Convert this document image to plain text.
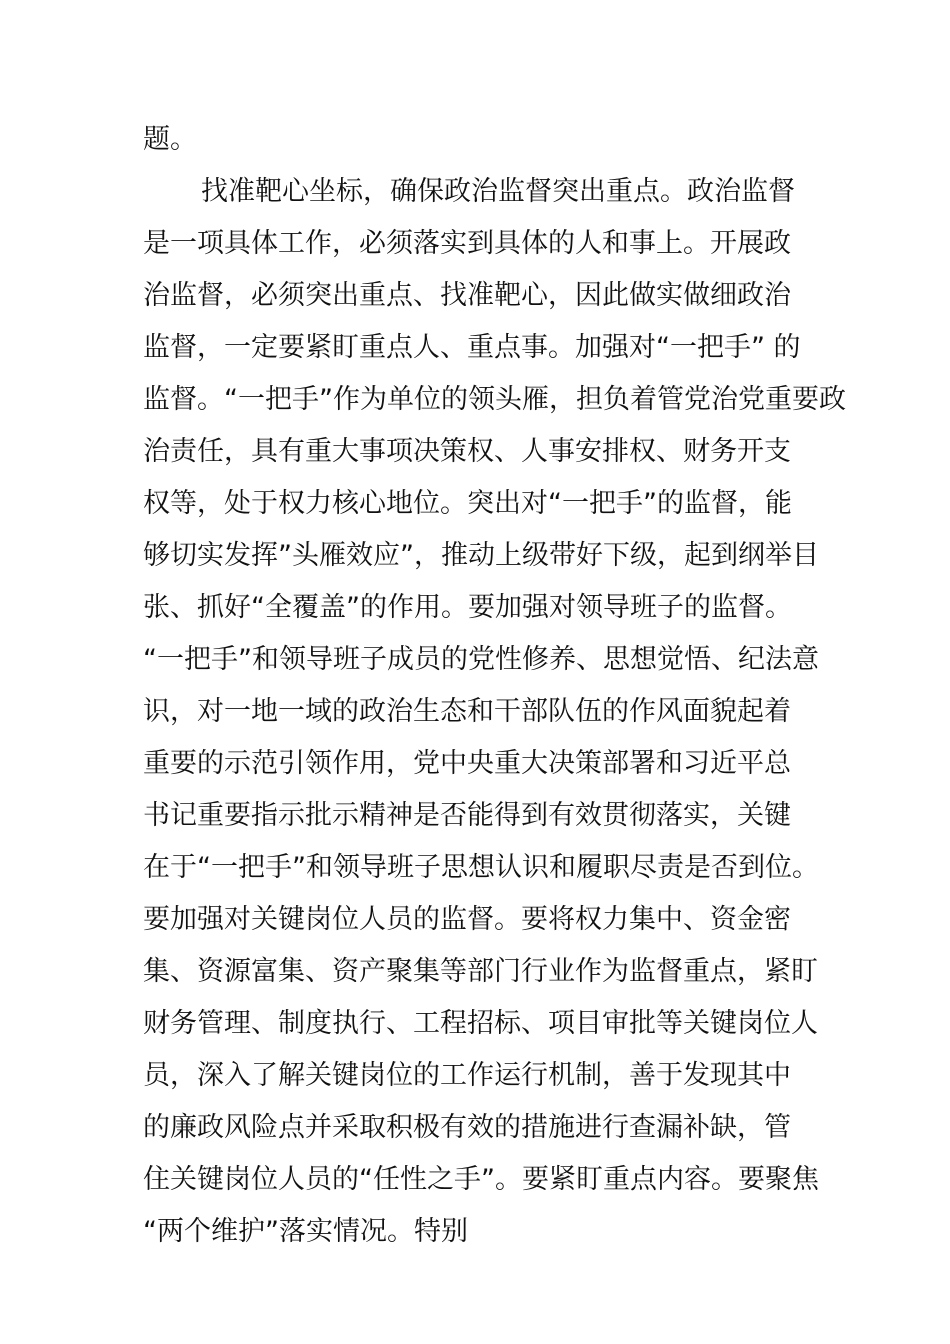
题。
找准靶心坐标，确保政治监督突出重点。政治监督
是一项具体工作，必须落实到具体的人和事上。开展政
治监督，必须突出重点、找准靶心，因此做实做细政治
监督，一定要紧盯重点人、重点事。加强对“一把手” 的
监督。“一把手”作为单位的领头雁，担负着管党治党重要政
治责任，具有重大事项决策权、人事安排权、财务开支
权等，处于权力核心地位。突出对“一把手”的监督，能
够切实发挥”头雁效应”，推动上级带好下级，起到纲举目
张、抓好“全覆盖”的作用。要加强对领导班子的监督。
“一把手”和领导班子成员的党性修养、思想觉悟、纪法意
识，对一地一域的政治生态和干部队伍的作风面貌起着
重要的示范引领作用，党中央重大决策部署和习近平总
书记重要指示批示精神是否能得到有效贯彻落实，关键
在于“一把手”和领导班子思想认识和履职尽责是否到位。
要加强对关键岗位人员的监督。要将权力集中、资金密
集、资源富集、资产聚集等部门行业作为监督重点，紧盯
财务管理、制度执行、工程招标、项目审批等关键岗位人
员，深入了解关键岗位的工作运行机制，善于发现其中
的廉政风险点并采取积极有效的措施进行查漏补缺，管
住关键岗位人员的“任性之手”。要紧盯重点内容。要聚焦
“两个维护”落实情况。特别
